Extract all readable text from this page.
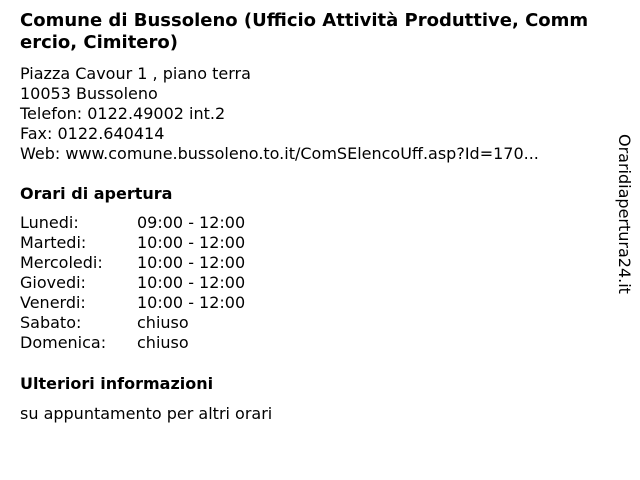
Comune di Bussoleno (Ufficio Attività Produttive, Commercio, Cimitero)
Piazza Cavour 1 , piano terra
10053 Bussoleno
Telefon: 0122.49002 int.2
Fax: 0122.640414
Web: www.comune.bussoleno.to.it/ComSElencoUff.asp?Id=170...
Orari di apertura
Lunedi:	09:00 - 12:00
Martedi:	10:00 - 12:00
Mercoledi:	10:00 - 12:00
Giovedi:	10:00 - 12:00
Venerdi:	10:00 - 12:00
Sabato:	chiuso
Domenica:	chiuso
Ulteriori informazioni
su appuntamento per altri orari
Oraridiapertura24.it
